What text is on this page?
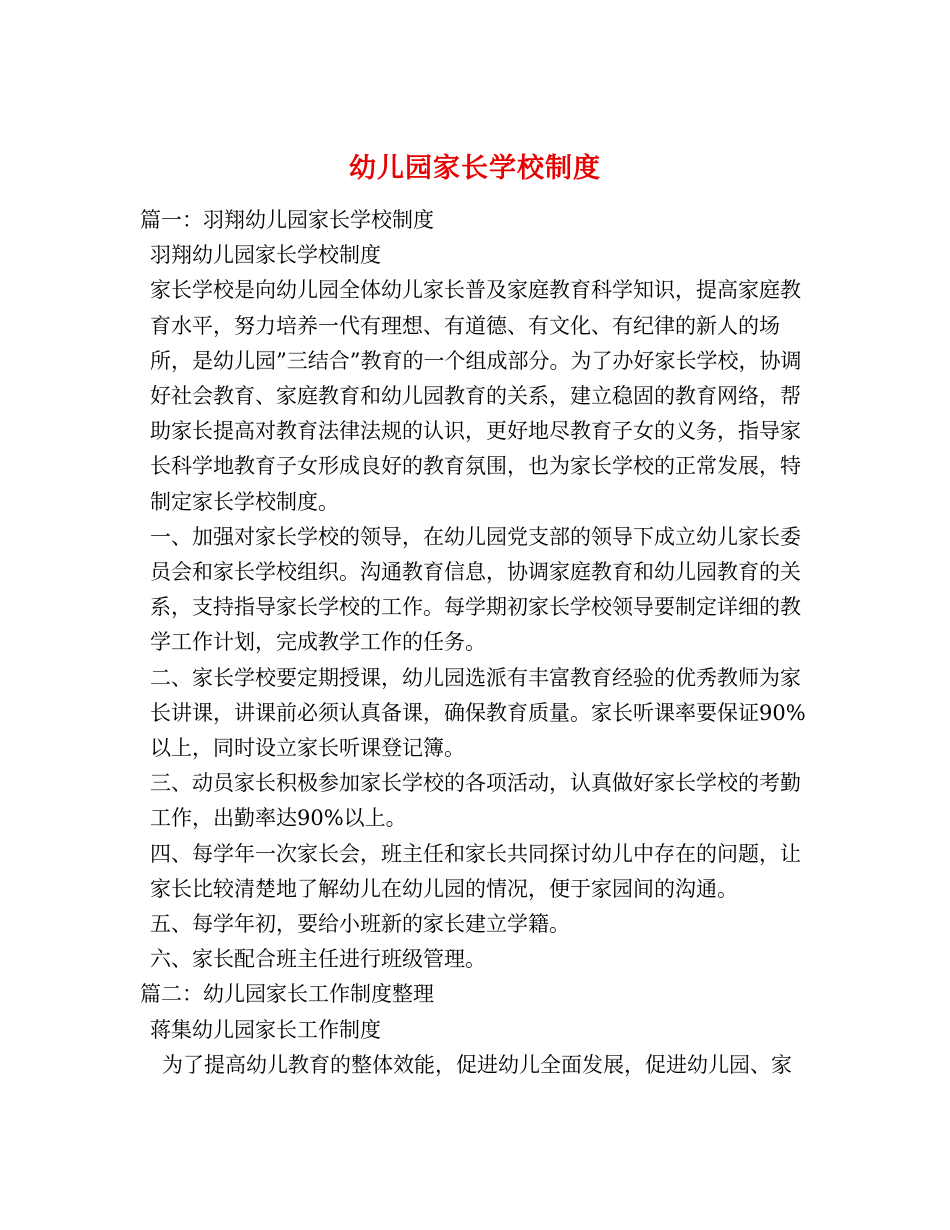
幼儿园家长学校制度

篇一：羽翔幼儿园家长学校制度

羽翔幼儿园家长学校制度

家长学校是向幼儿园全体幼儿家长普及家庭教育科学知识，提高家庭教育水平，努力培养一代有理想、有道德、有文化、有纪律的新人的场所，是幼儿园”三结合”教育的一个组成部分。为了办好家长学校，协调好社会教育、家庭教育和幼儿园教育的关系，建立稳固的教育网络，帮助家长提高对教育法律法规的认识，更好地尽教育子女的义务，指导家长科学地教育子女形成良好的教育氛围，也为家长学校的正常发展，特制定家长学校制度。

一、加强对家长学校的领导，在幼儿园党支部的领导下成立幼儿家长委员会和家长学校组织。沟通教育信息，协调家庭教育和幼儿园教育的关系，支持指导家长学校的工作。每学期初家长学校领导要制定详细的教学工作计划，完成教学工作的任务。

二、家长学校要定期授课，幼儿园选派有丰富教育经验的优秀教师为家长讲课，讲课前必须认真备课，确保教育质量。家长听课率要保证90%以上，同时设立家长听课登记簿。

三、动员家长积极参加家长学校的各项活动，认真做好家长学校的考勤工作，出勤率达90%以上。

四、每学年一次家长会，班主任和家长共同探讨幼儿中存在的问题，让家长比较清楚地了解幼儿在幼儿园的情况，便于家园间的沟通。

五、每学年初，要给小班新的家长建立学籍。

六、家长配合班主任进行班级管理。

篇二：幼儿园家长工作制度整理

蒋集幼儿园家长工作制度

为了提高幼儿教育的整体效能，促进幼儿全面发展，促进幼儿园、家
